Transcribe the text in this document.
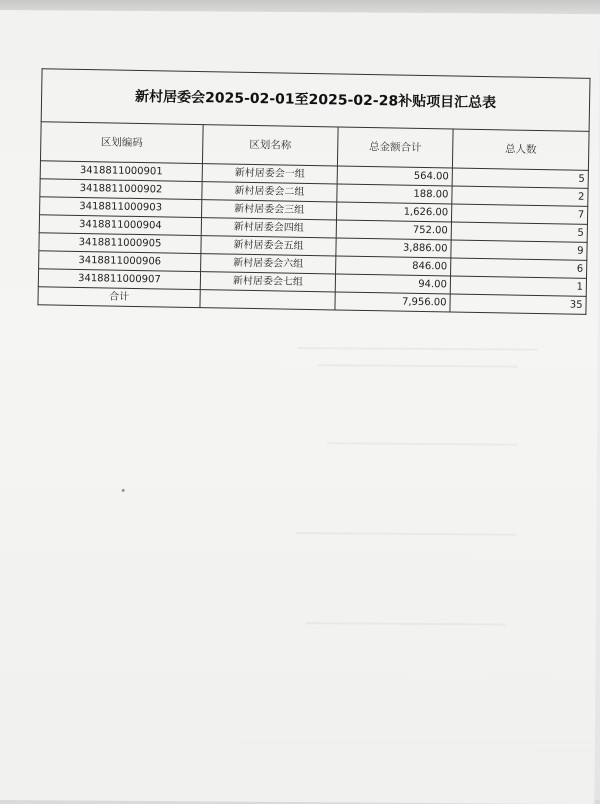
新村居委会2025-02-01至2025-02-28补贴项目汇总表			
区划编码	区划名称	总金额合计	总人数
3418811000901	新村居委会一组	564.00	5
3418811000902	新村居委会二组	188.00	2
3418811000903	新村居委会三组	1,626.00	7
3418811000904	新村居委会四组	752.00	5
3418811000905	新村居委会五组	3,886.00	9
3418811000906	新村居委会六组	846.00	6
3418811000907	新村居委会七组	94.00	1
合计		7,956.00	35
